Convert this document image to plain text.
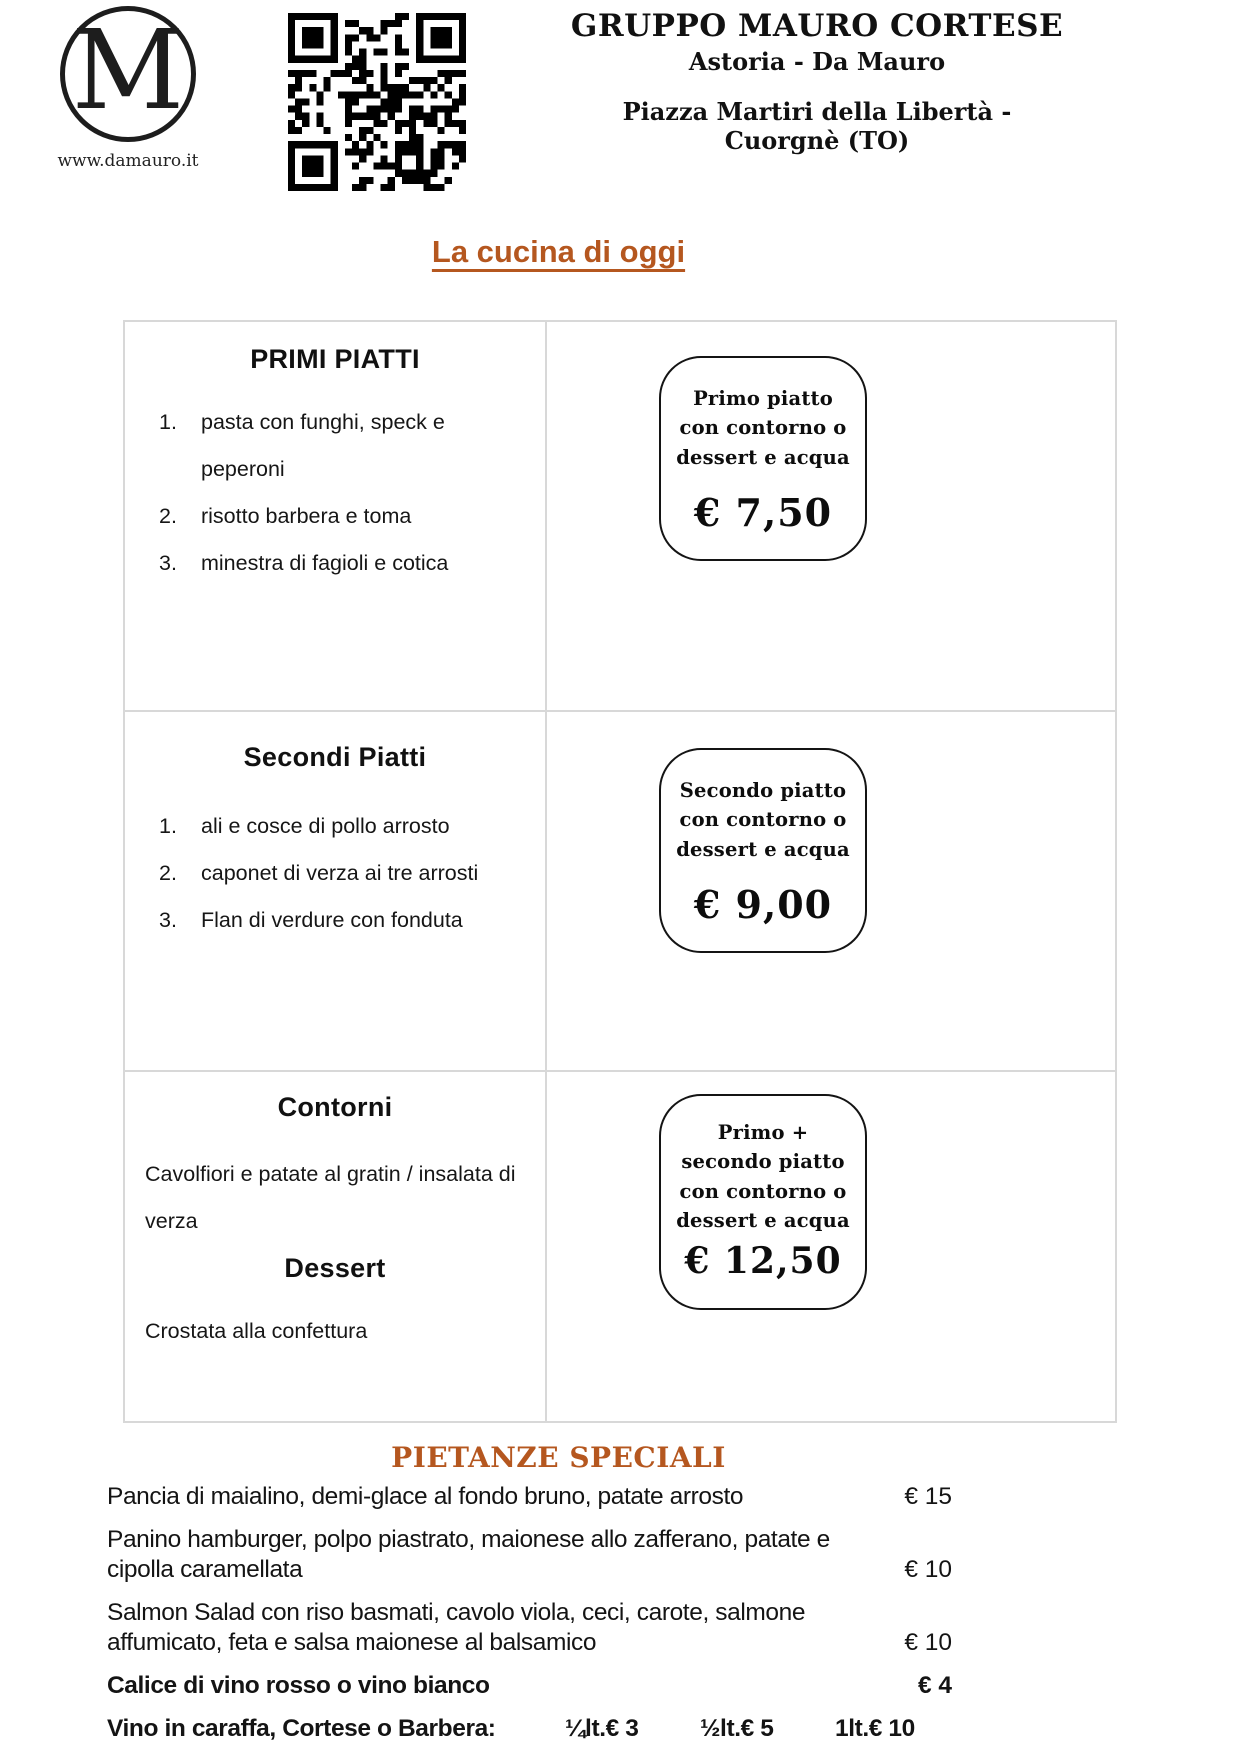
M
www.damauro.it
GRUPPO MAURO CORTESE
Astoria - Da Mauro
Piazza Martiri della Libertà -
Cuorgnè (TO)
La cucina di oggi
PRIMI PIATTI
pasta con funghi, speck e peperoni
risotto barbera e toma
minestra di fagioli e cotica
Primo piatto
con contorno o
dessert e acqua
€ 7,50
Secondi Piatti
ali e cosce di pollo arrosto
caponet di verza ai tre arrosti
Flan di verdure con fonduta
Secondo piatto
con contorno o
dessert e acqua
€ 9,00
Contorni
Cavolfiori e patate al gratin / insalata di verza
Dessert
Crostata alla confettura
Primo +
secondo piatto
con contorno o
dessert e acqua
€ 12,50
PIETANZE SPECIALI
Pancia di maialino, demi-glace al fondo bruno, patate arrosto	€ 15
Panino hamburger, polpo piastrato, maionese allo zafferano, patate e cipolla caramellata	€ 10
Salmon Salad con riso basmati, cavolo viola, ceci, carote, salmone affumicato, feta e salsa maionese al balsamico	€ 10
Calice di vino rosso o vino bianco	€ 4
Vino in caraffa, Cortese o Barbera:	¼lt.€ 3	½lt.€ 5	1lt.€ 10
